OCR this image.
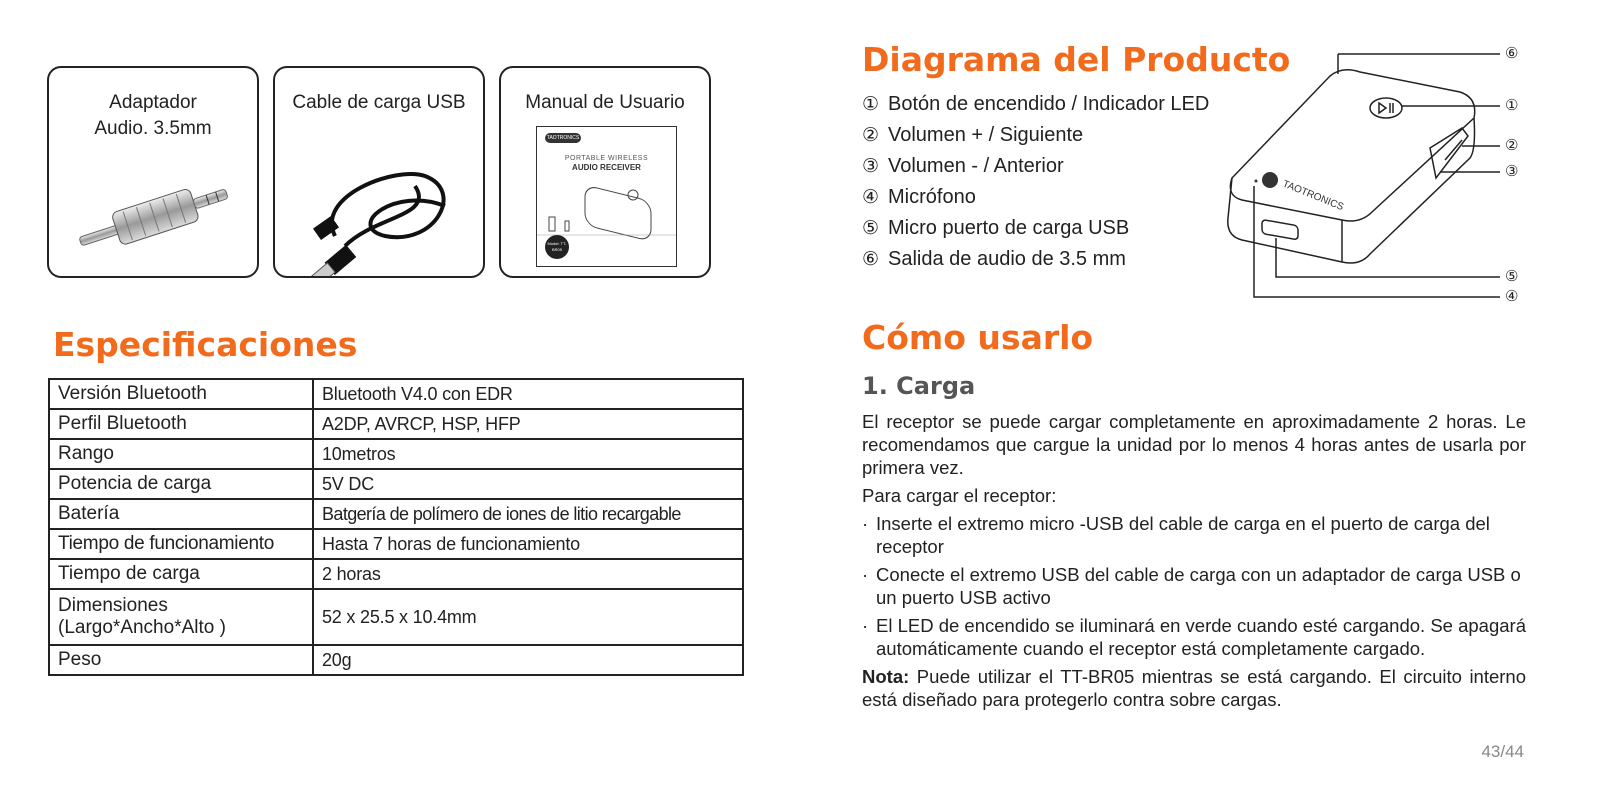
Adaptador Audio. 3.5mm
Cable de carga USB	Manual de Usuario
TAOTRONICS
PORTABLE WIRELESS
AUDIO RECEIVER
Model: TT-BR05
Especificaciones
Versión Bluetooth	Bluetooth V4.0 con EDR
Perfil Bluetooth	A2DP, AVRCP, HSP, HFP
Rango	10metros
Potencia de carga	5V DC
Batería	Batgería de polímero de iones de litio recargable
Tiempo de funcionamiento	Hasta 7 horas de funcionamiento
Tiempo de carga	2 horas
Dimensiones (Largo*Ancho*Alto )	52 x 25.5 x 10.4mm
Peso	20g
Diagrama del Producto
① Botón de encendido / Indicador LED
② Volumen + / Siguiente
③ Volumen - / Anterior
④ Micrófono
⑤ Micro puerto de carga USB
⑥ Salida de audio de 3.5 mm
TAOTRONICS
⑥
①
②
③
⑤
④
Cómo usarlo
1. Carga

El receptor se puede cargar completamente en aproximadamente 2 horas. Le recomendamos que cargue la unidad por lo menos 4 horas antes de usarla por primera vez.

Para cargar el receptor:

· Inserte el extremo micro -USB del cable de carga en el puerto de carga del receptor
· Conecte el extremo USB del cable de carga con un adaptador de carga USB o un puerto USB activo
· El LED de encendido se iluminará en verde cuando esté cargando. Se apagará automáticamente cuando el receptor está completamente cargado.

Nota: Puede utilizar el TT-BR05 mientras se está cargando. El circuito interno está diseñado para protegerlo contra sobre cargas.

43/44
